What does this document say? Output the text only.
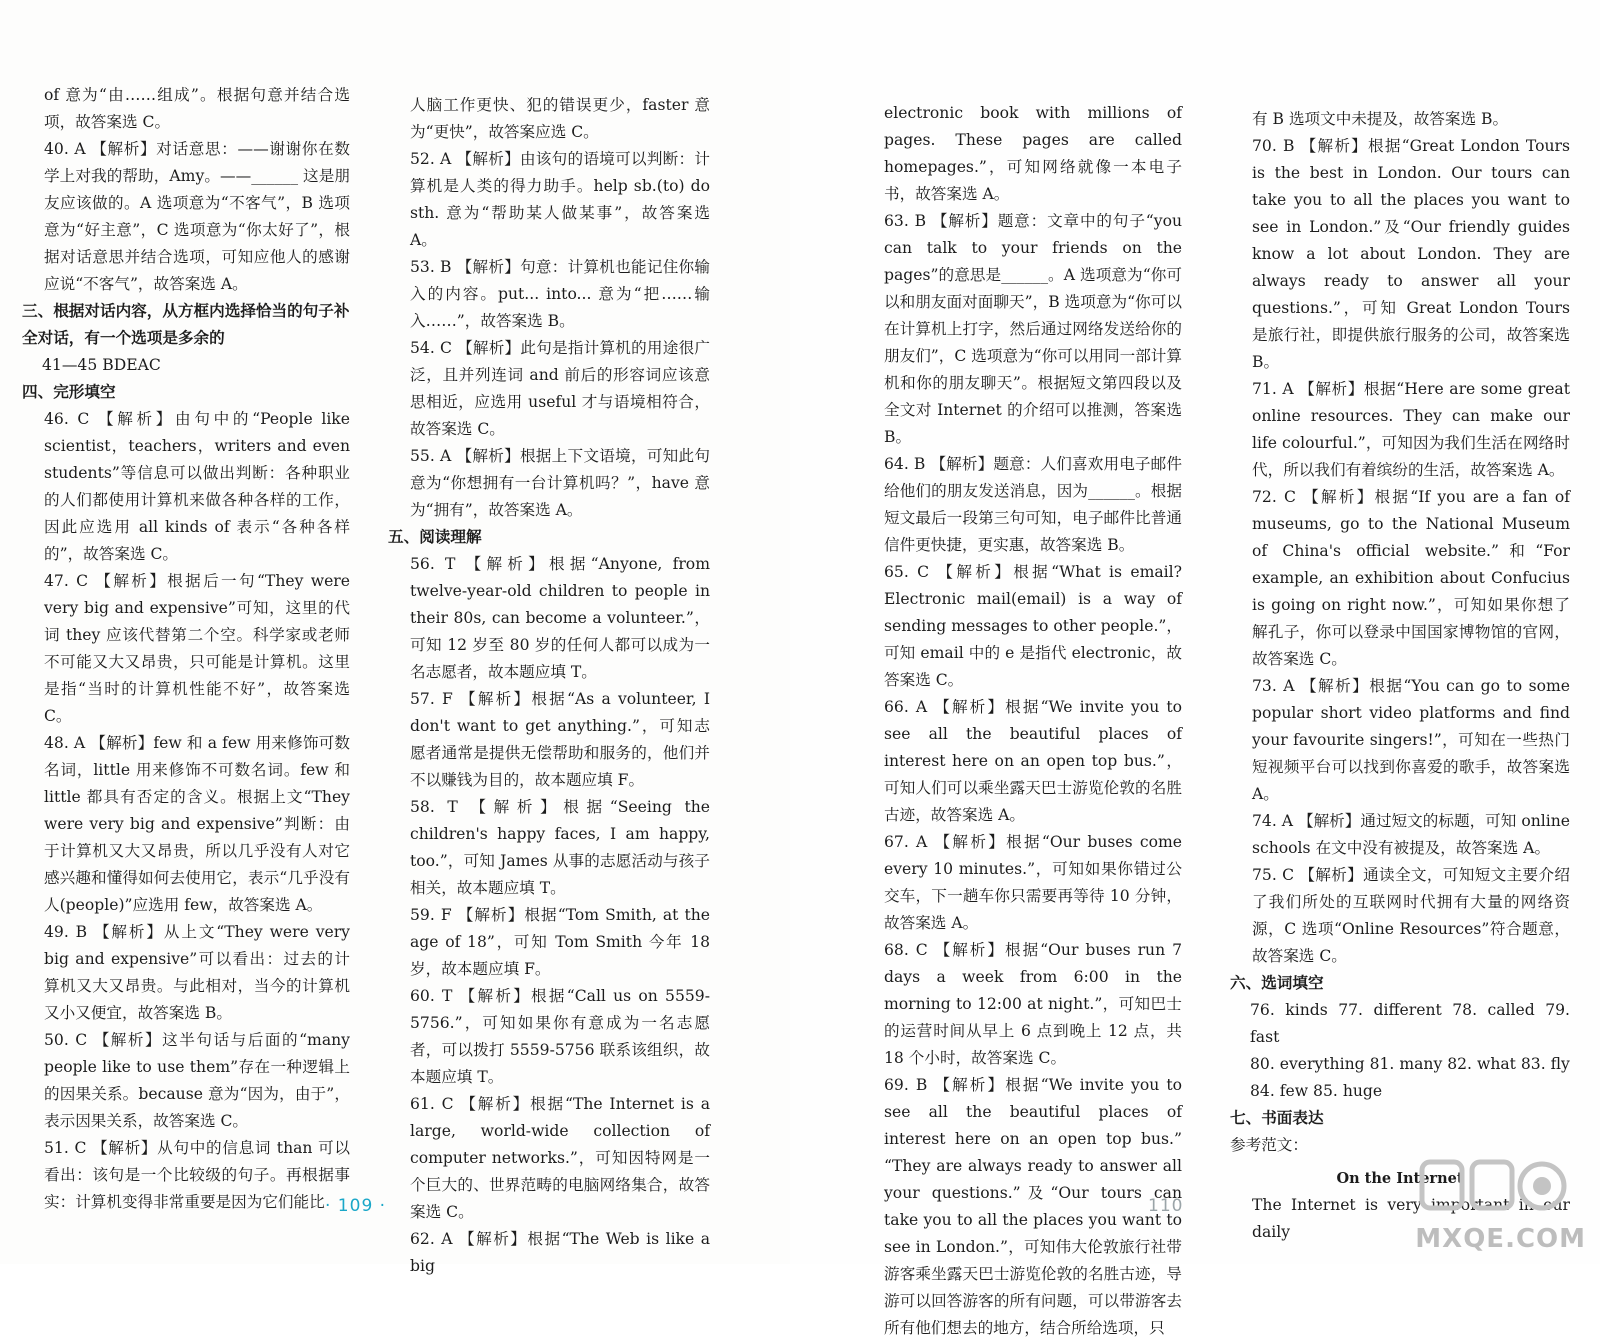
of 意为“由……组成”。根据句意并结合选项，故答案选 C。

40. A 【解析】对话意思：——谢谢你在数学上对我的帮助，Amy。——______ 这是朋友应该做的。A 选项意为“不客气”，B 选项意为“好主意”，C 选项意为“你太好了”，根据对话意思并结合选项，可知应他人的感谢应说“不客气”，故答案选 A。

三、根据对话内容，从方框内选择恰当的句子补全对话，有一个选项是多余的

41—45 BDEAC

四、完形填空

46. C 【解析】由句中的“People like scientist，teachers，writers and even students”等信息可以做出判断：各种职业的人们都使用计算机来做各种各样的工作，因此应选用 all kinds of 表示“各种各样的”，故答案选 C。

47. C 【解析】根据后一句“They were very big and expensive”可知，这里的代词 they 应该代替第二个空。科学家或老师不可能又大又昂贵，只可能是计算机。这里是指“当时的计算机性能不好”，故答案选 C。

48. A 【解析】few 和 a few 用来修饰可数名词，little 用来修饰不可数名词。few 和 little 都具有否定的含义。根据上文“They were very big and expensive”判断：由于计算机又大又昂贵，所以几乎没有人对它感兴趣和懂得如何去使用它，表示“几乎没有人(people)”应选用 few，故答案选 A。

49. B 【解析】从上文“They were very big and expensive”可以看出：过去的计算机又大又昂贵。与此相对，当今的计算机又小又便宜，故答案选 B。

50. C 【解析】这半句话与后面的“many people like to use them”存在一种逻辑上的因果关系。because 意为“因为，由于”，表示因果关系，故答案选 C。

51. C 【解析】从句中的信息词 than 可以看出：该句是一个比较级的句子。再根据事实：计算机变得非常重要是因为它们能比

人脑工作更快、犯的错误更少，faster 意为“更快”，故答案应选 C。

52. A 【解析】由该句的语境可以判断：计算机是人类的得力助手。help sb.(to) do sth. 意为“帮助某人做某事”，故答案选 A。

53. B 【解析】句意：计算机也能记住你输入的内容。put... into... 意为“把……输入……”，故答案选 B。

54. C 【解析】此句是指计算机的用途很广泛，且并列连词 and 前后的形容词应该意思相近，应选用 useful 才与语境相符合，故答案选 C。

55. A 【解析】根据上下文语境，可知此句意为“你想拥有一台计算机吗？”，have 意为“拥有”，故答案选 A。

五、阅读理解

56. T 【解析】根据“Anyone, from twelve-year-old children to people in their 80s, can become a volunteer.”，可知 12 岁至 80 岁的任何人都可以成为一名志愿者，故本题应填 T。

57. F 【解析】根据“As a volunteer, I don't want to get anything.”，可知志愿者通常是提供无偿帮助和服务的，他们并不以赚钱为目的，故本题应填 F。

58. T 【解析】根据“Seeing the children's happy faces, I am happy, too.”，可知 James 从事的志愿活动与孩子相关，故本题应填 T。

59. F 【解析】根据“Tom Smith, at the age of 18”，可知 Tom Smith 今年 18 岁，故本题应填 F。

60. T 【解析】根据“Call us on 5559-5756.”，可知如果你有意成为一名志愿者，可以拨打 5559-5756 联系该组织，故本题应填 T。

61. C 【解析】根据“The Internet is a large, world-wide collection of computer networks.”，可知因特网是一个巨大的、世界范畴的电脑网络集合，故答案选 C。

62. A 【解析】根据“The Web is like a big

· 109 ·

electronic book with millions of pages. These pages are called homepages.”，可知网络就像一本电子书，故答案选 A。

63. B 【解析】题意：文章中的句子“you can talk to your friends on the pages”的意思是______。A 选项意为“你可以和朋友面对面聊天”，B 选项意为“你可以在计算机上打字，然后通过网络发送给你的朋友们”，C 选项意为“你可以用同一部计算机和你的朋友聊天”。根据短文第四段以及全文对 Internet 的介绍可以推测，答案选 B。

64. B 【解析】题意：人们喜欢用电子邮件给他们的朋友发送消息，因为______。根据短文最后一段第三句可知，电子邮件比普通信件更快捷，更实惠，故答案选 B。

65. C 【解析】根据“What is email? Electronic mail(email) is a way of sending messages to other people.”，可知 email 中的 e 是指代 electronic，故答案选 C。

66. A 【解析】根据“We invite you to see all the beautiful places of interest here on an open top bus.”，可知人们可以乘坐露天巴士游览伦敦的名胜古迹，故答案选 A。

67. A 【解析】根据“Our buses come every 10 minutes.”，可知如果你错过公交车，下一趟车你只需要再等待 10 分钟，故答案选 A。

68. C 【解析】根据“Our buses run 7 days a week from 6:00 in the morning to 12:00 at night.”，可知巴士的运营时间从早上 6 点到晚上 12 点，共 18 个小时，故答案选 C。

69. B 【解析】根据“We invite you to see all the beautiful places of interest here on an open top bus.” “They are always ready to answer all your questions.”及“Our tours can take you to all the places you want to see in London.”，可知伟大伦敦旅行社带游客乘坐露天巴士游览伦敦的名胜古迹，导游可以回答游客的所有问题，可以带游客去所有他们想去的地方，结合所给选项，只

有 B 选项文中未提及，故答案选 B。

70. B 【解析】根据“Great London Tours is the best in London. Our tours can take you to all the places you want to see in London.”及“Our friendly guides know a lot about London. They are always ready to answer all your questions.”，可知 Great London Tours 是旅行社，即提供旅行服务的公司，故答案选 B。

71. A 【解析】根据“Here are some great online resources. They can make our life colourful.”，可知因为我们生活在网络时代，所以我们有着缤纷的生活，故答案选 A。

72. C 【解析】根据“If you are a fan of museums, go to the National Museum of China's official website.”和“For example, an exhibition about Confucius is going on right now.”，可知如果你想了解孔子，你可以登录中国国家博物馆的官网，故答案选 C。

73. A 【解析】根据“You can go to some popular short video platforms and find your favourite singers!”，可知在一些热门短视频平台可以找到你喜爱的歌手，故答案选 A。

74. A 【解析】通过短文的标题，可知 online schools 在文中没有被提及，故答案选 A。

75. C 【解析】通读全文，可知短文主要介绍了我们所处的互联网时代拥有大量的网络资源，C 选项“Online Resources”符合题意，故答案选 C。

六、选词填空

76. kinds 77. different 78. called 79. fast

80. everything 81. many 82. what 83. fly

84. few 85. huge

七、书面表达

参考范文：

On the Internet

The Internet is very important in our daily

110
MXQE.COM
